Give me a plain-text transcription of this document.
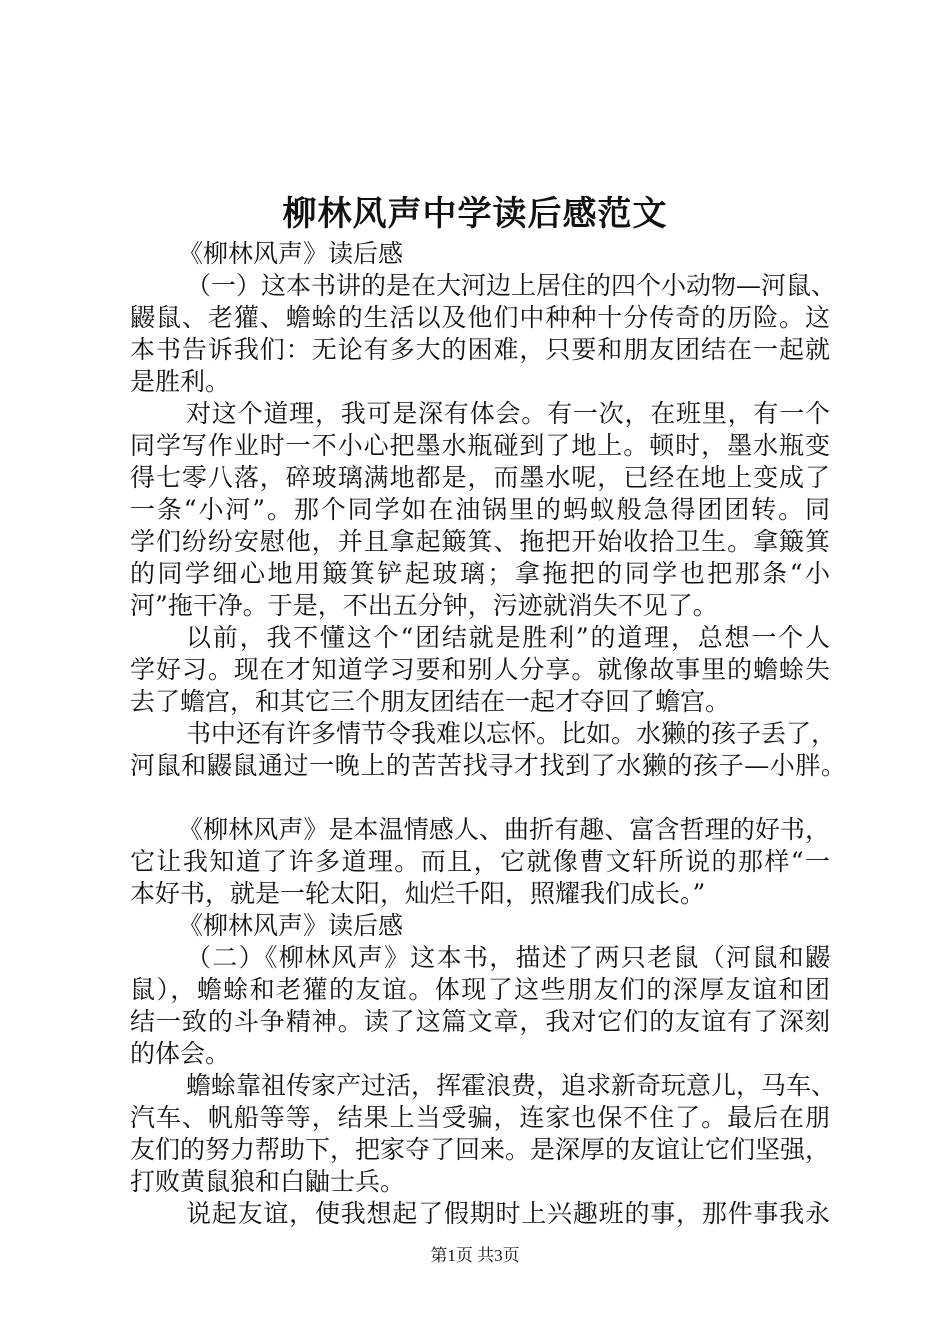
柳林风声中学读后感范文

《柳林风声》读后感

（一）这本书讲的是在大河边上居住的四个小动物—河鼠、

鼹鼠、老獾、蟾蜍的生活以及他们中种种十分传奇的历险。这

本书告诉我们：无论有多大的困难，只要和朋友团结在一起就

是胜利。

对这个道理，我可是深有体会。有一次，在班里，有一个

同学写作业时一不小心把墨水瓶碰到了地上。顿时，墨水瓶变

得七零八落，碎玻璃满地都是，而墨水呢，已经在地上变成了

一条“小河”。那个同学如在油锅里的蚂蚁般急得团团转。同

学们纷纷安慰他，并且拿起簸箕、拖把开始收拾卫生。拿簸箕

的同学细心地用簸箕铲起玻璃；拿拖把的同学也把那条“小

河”拖干净。于是，不出五分钟，污迹就消失不见了。

以前，我不懂这个“团结就是胜利”的道理，总想一个人

学好习。现在才知道学习要和别人分享。就像故事里的蟾蜍失

去了蟾宫，和其它三个朋友团结在一起才夺回了蟾宫。

书中还有许多情节令我难以忘怀。比如。水獭的孩子丢了，

河鼠和鼹鼠通过一晚上的苦苦找寻才找到了水獭的孩子—小胖。

《柳林风声》是本温情感人、曲折有趣、富含哲理的好书，

它让我知道了许多道理。而且，它就像曹文轩所说的那样“一

本好书，就是一轮太阳，灿烂千阳，照耀我们成长。”

《柳林风声》读后感

（二）《柳林风声》这本书，描述了两只老鼠（河鼠和鼹

鼠），蟾蜍和老獾的友谊。体现了这些朋友们的深厚友谊和团

结一致的斗争精神。读了这篇文章，我对它们的友谊有了深刻

的体会。

蟾蜍靠祖传家产过活，挥霍浪费，追求新奇玩意儿，马车、

汽车、帆船等等，结果上当受骗，连家也保不住了。最后在朋

友们的努力帮助下，把家夺了回来。是深厚的友谊让它们坚强，

打败黄鼠狼和白鼬士兵。

说起友谊，使我想起了假期时上兴趣班的事，那件事我永

第1页 共3页
